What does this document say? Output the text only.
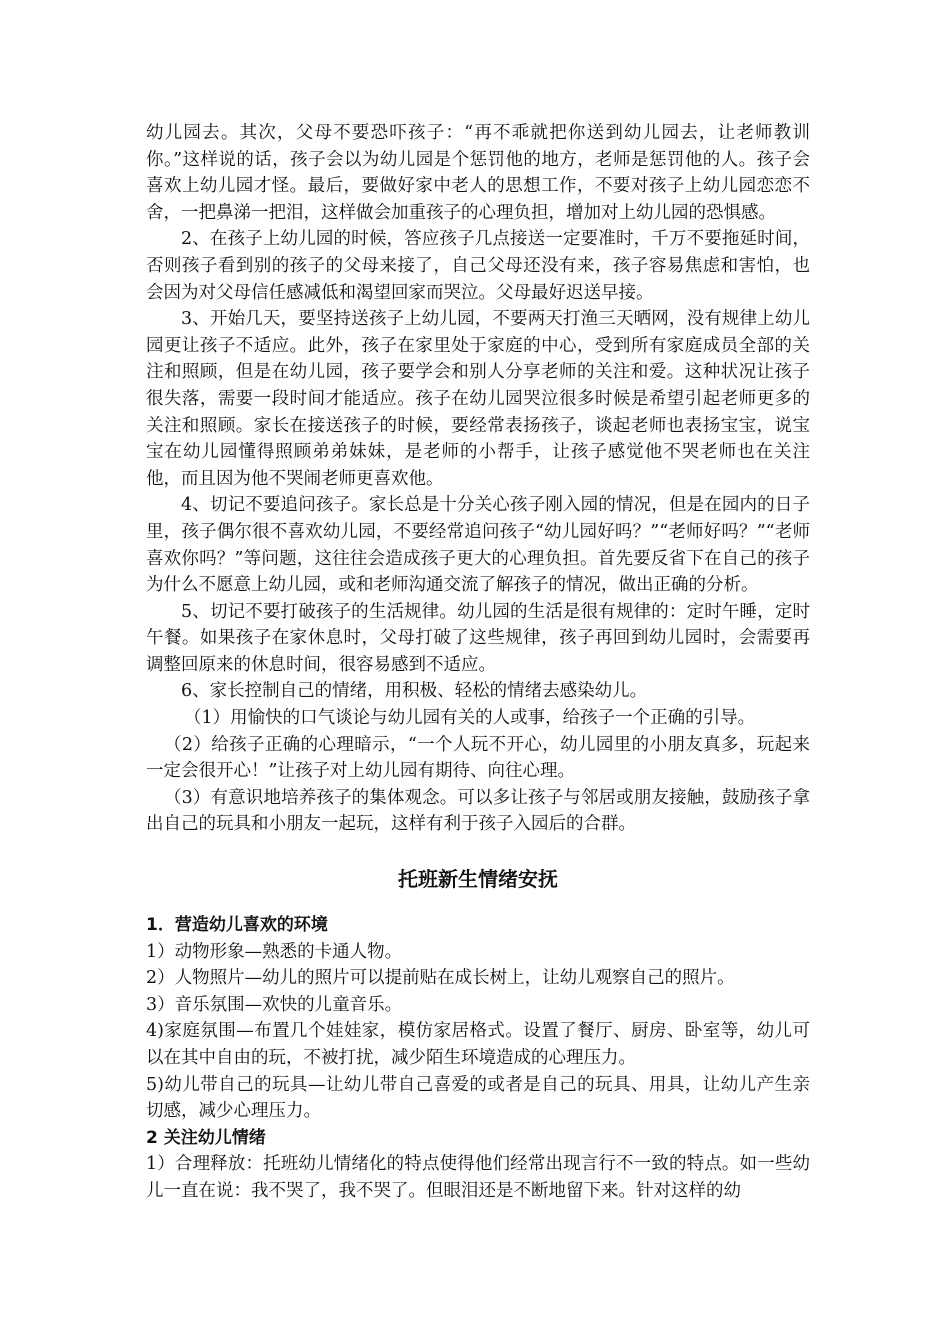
幼儿园去。其次，父母不要恐吓孩子：“再不乖就把你送到幼儿园去，让老师教训你。”这样说的话，孩子会以为幼儿园是个惩罚他的地方，老师是惩罚他的人。孩子会喜欢上幼儿园才怪。最后，要做好家中老人的思想工作，不要对孩子上幼儿园恋恋不舍，一把鼻涕一把泪，这样做会加重孩子的心理负担，增加对上幼儿园的恐惧感。

2、在孩子上幼儿园的时候，答应孩子几点接送一定要准时，千万不要拖延时间，否则孩子看到别的孩子的父母来接了，自己父母还没有来，孩子容易焦虑和害怕，也会因为对父母信任感减低和渴望回家而哭泣。父母最好迟送早接。

3、开始几天，要坚持送孩子上幼儿园，不要两天打渔三天晒网，没有规律上幼儿园更让孩子不适应。此外，孩子在家里处于家庭的中心，受到所有家庭成员全部的关注和照顾，但是在幼儿园，孩子要学会和别人分享老师的关注和爱。这种状况让孩子很失落，需要一段时间才能适应。孩子在幼儿园哭泣很多时候是希望引起老师更多的关注和照顾。家长在接送孩子的时候，要经常表扬孩子，谈起老师也表扬宝宝，说宝宝在幼儿园懂得照顾弟弟妹妹，是老师的小帮手，让孩子感觉他不哭老师也在关注他，而且因为他不哭闹老师更喜欢他。

4、切记不要追问孩子。家长总是十分关心孩子刚入园的情况，但是在园内的日子里，孩子偶尔很不喜欢幼儿园，不要经常追问孩子“幼儿园好吗？”“老师好吗？”“老师喜欢你吗？”等问题，这往往会造成孩子更大的心理负担。首先要反省下在自己的孩子为什么不愿意上幼儿园，或和老师沟通交流了解孩子的情况，做出正确的分析。

5、切记不要打破孩子的生活规律。幼儿园的生活是很有规律的：定时午睡，定时午餐。如果孩子在家休息时，父母打破了这些规律，孩子再回到幼儿园时，会需要再调整回原来的休息时间，很容易感到不适应。

6、家长控制自己的情绪，用积极、轻松的情绪去感染幼儿。

（1）用愉快的口气谈论与幼儿园有关的人或事，给孩子一个正确的引导。

（2）给孩子正确的心理暗示，“一个人玩不开心，幼儿园里的小朋友真多，玩起来一定会很开心！”让孩子对上幼儿园有期待、向往心理。

（3）有意识地培养孩子的集体观念。可以多让孩子与邻居或朋友接触，鼓励孩子拿出自己的玩具和小朋友一起玩，这样有利于孩子入园后的合群。

托班新生情绪安抚

1．营造幼儿喜欢的环境

1）动物形象—熟悉的卡通人物。

2）人物照片—幼儿的照片可以提前贴在成长树上，让幼儿观察自己的照片。

3）音乐氛围—欢快的儿童音乐。

4)家庭氛围—布置几个娃娃家，模仿家居格式。设置了餐厅、厨房、卧室等，幼儿可以在其中自由的玩，不被打扰，减少陌生环境造成的心理压力。

5)幼儿带自己的玩具—让幼儿带自己喜爱的或者是自己的玩具、用具，让幼儿产生亲切感，减少心理压力。

2 关注幼儿情绪

1）合理释放：托班幼儿情绪化的特点使得他们经常出现言行不一致的特点。如一些幼儿一直在说：我不哭了，我不哭了。但眼泪还是不断地留下来。针对这样的幼
